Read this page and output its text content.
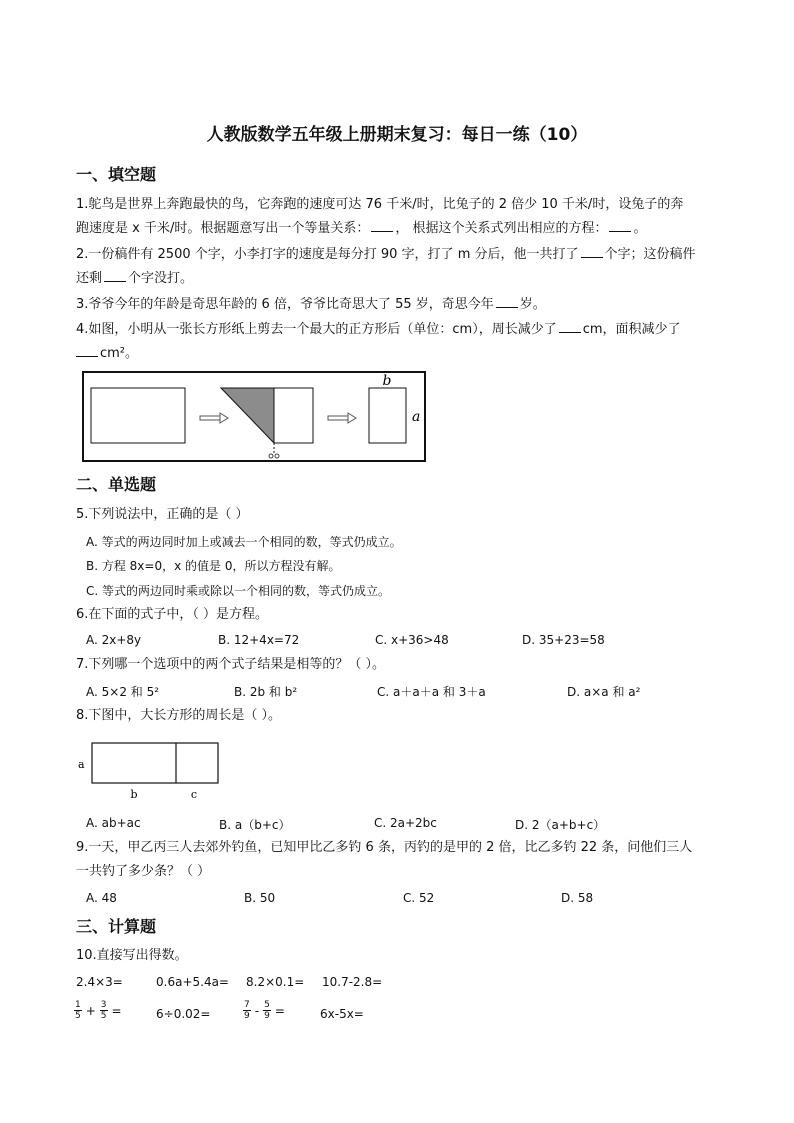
人教版数学五年级上册期末复习：每日一练（10）
一、填空题
1.鸵鸟是世界上奔跑最快的鸟，它奔跑的速度可达 76 千米/时，比兔子的 2 倍少 10 千米/时，设兔子的奔
跑速度是 x 千米/时。根据题意写出一个等量关系： ， 根据这个关系式列出相应的方程： 。
2.一份稿件有 2500 个字，小李打字的速度是每分打 90 字，打了 m 分后，他一共打了 个字；这份稿件
还剩 个字没打。
3.爷爷今年的年龄是奇思年龄的 6 倍，爷爷比奇思大了 55 岁，奇思今年 岁。
4.如图，小明从一张长方形纸上剪去一个最大的正方形后（单位：cm），周长减少了 cm，面积减少了
cm²。
b
a
二、单选题
5.下列说法中，正确的是（ ）
A. 等式的两边同时加上或减去一个相同的数，等式仍成立。
B. 方程 8x=0，x 的值是 0，所以方程没有解。
C. 等式的两边同时乘或除以一个相同的数，等式仍成立。
6.在下面的式子中，（ ）是方程。
A. 2x+8y	B. 12+4x=72	C. x+36>48	D. 35+23=58
7.下列哪一个选项中的两个式子结果是相等的？（ ）。
A. 5×2 和 5²	B. 2b 和 b²	C. a＋a＋a 和 3＋a	D. a×a 和 a²
8.下图中，大长方形的周长是（ ）。
a
b	c
A. ab+ac	B. a（b+c）	C. 2a+2bc	D. 2（a+b+c）
9.一天，甲乙丙三人去郊外钓鱼，已知甲比乙多钓 6 条，丙钓的是甲的 2 倍，比乙多钓 22 条，问他们三人
一共钓了多少条？（ ）
A. 48	B. 50	C. 52	D. 58
三、计算题
10.直接写出得数。
2.4×3=	0.6a+5.4a= 8.2×0.1= 10.7-2.8=
$\frac{1}{5} + \frac{3}{5}$ =	6÷0.02=	$\frac{7}{9} - \frac{5}{9}$ =	6x-5x=
